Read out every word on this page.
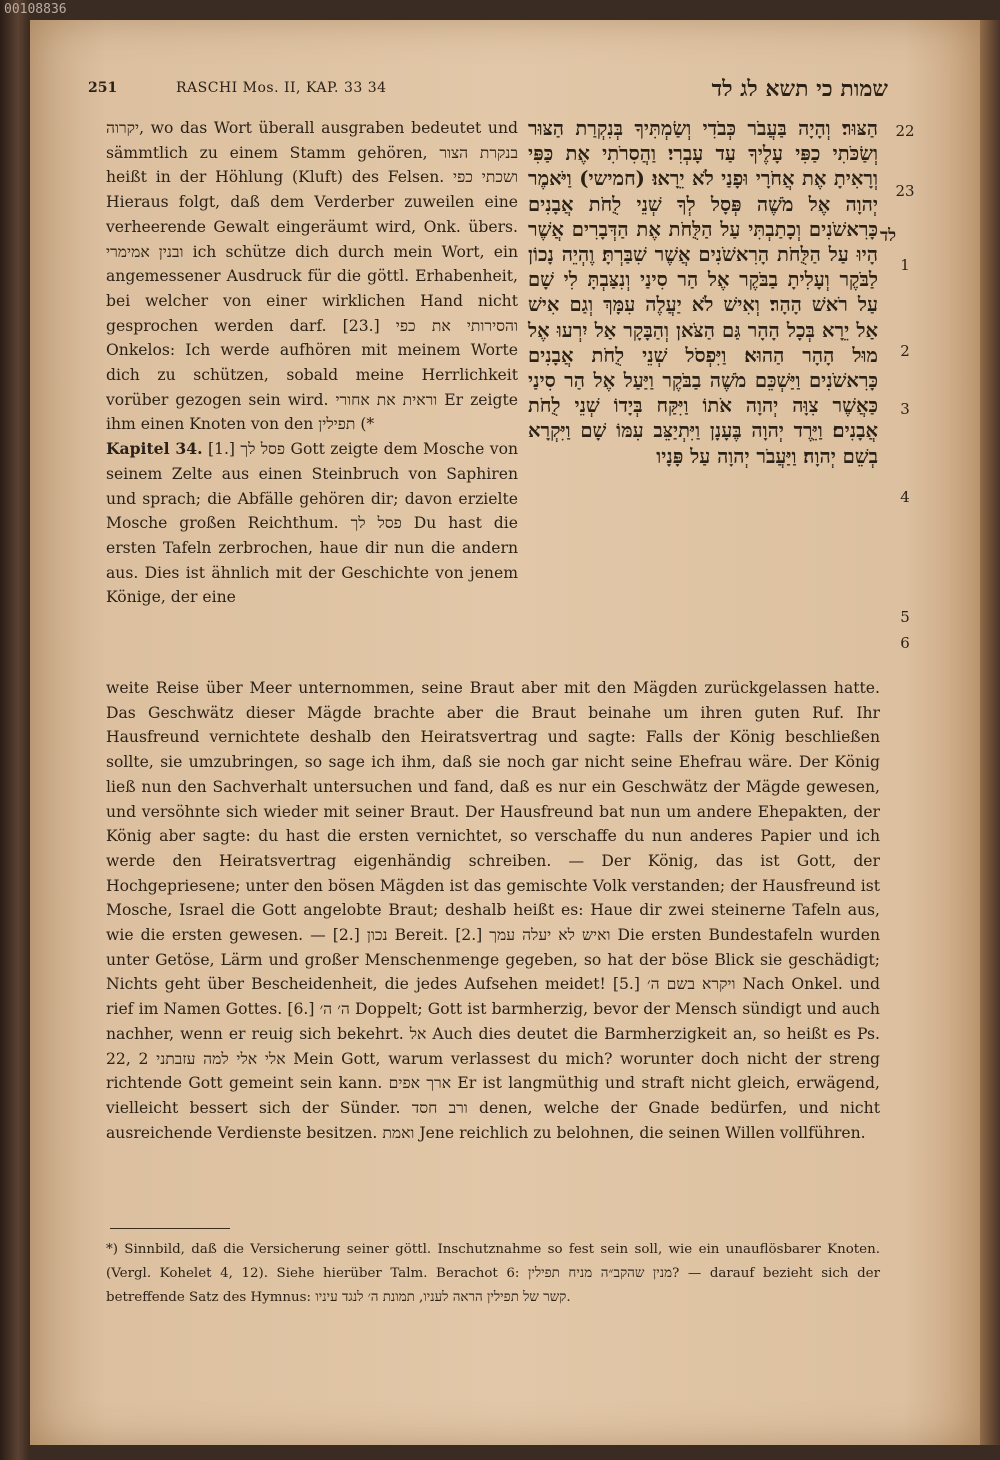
00108836
251	RASCHI Mos. II, KAP. 33 34	שמות כי תשא לג לד

יקרוה, wo das Wort überall ausgraben bedeutet und sämmtlich zu einem Stamm gehören, בנקרת הצור heißt in der Höhlung (Kluft) des Felsen. ושכתי כפי Hieraus folgt, daß dem Verderber zuweilen eine verheerende Gewalt eingeräumt wird, Onk. übers. ובנין אמימרי ich schütze dich durch mein Wort, ein angemessener Ausdruck für die göttl. Erhabenheit, bei welcher von einer wirklichen Hand nicht gesprochen werden darf. [23.] והסירותי את כפי Onkelos: Ich werde aufhören mit meinem Worte dich zu schützen, sobald meine Herrlichkeit vorüber gezogen sein wird. וראית את אחורי Er zeigte ihm einen Knoten von den תפילין (*

Kapitel 34. [1.] פסל לך Gott zeigte dem Mosche von seinem Zelte aus einen Steinbruch von Saphiren und sprach; die Abfälle gehören dir; davon erzielte Mosche großen Reichthum. פסל לך Du hast die ersten Tafeln zerbrochen, haue dir nun die andern aus. Dies ist ähnlich mit der Geschichte von jenem Könige, der eine

הַצּוּר׃ וְהָיָה בַּעֲבֹר כְּבֹדִי וְשַׂמְתִּיךָ בְּנִקְרַת הַצּוּר וְשַׂכֹּתִי כַפִּי עָלֶיךָ עַד עָבְרִי׃ וַהֲסִרֹתִי אֶת כַּפִּי וְרָאִיתָ אֶת אֲחֹרָי וּפָנַי לֹא יֵרָאוּ׃ (חמישי) וַיֹּאמֶר יְהוָה אֶל מֹשֶׁה פְּסָל לְךָ שְׁנֵי לֻחֹת אֲבָנִים כָּרִאשֹׁנִים וְכָתַבְתִּי עַל הַלֻּחֹת אֶת הַדְּבָרִים אֲשֶׁר הָיוּ עַל הַלֻּחֹת הָרִאשֹׁנִים אֲשֶׁר שִׁבַּרְתָּ׃ וֶהְיֵה נָכוֹן לַבֹּקֶר וְעָלִיתָ בַבֹּקֶר אֶל הַר סִינַי וְנִצַּבְתָּ לִי שָׁם עַל רֹאשׁ הָהָר׃ וְאִישׁ לֹא יַעֲלֶה עִמָּךְ וְגַם אִישׁ אַל יֵרָא בְּכָל הָהָר גַּם הַצֹּאן וְהַבָּקָר אַל יִרְעוּ אֶל מוּל הָהָר הַהוּא׃ וַיִּפְסֹל שְׁנֵי לֻחֹת אֲבָנִים כָּרִאשֹׁנִים וַיַּשְׁכֵּם מֹשֶׁה בַבֹּקֶר וַיַּעַל אֶל הַר סִינַי כַּאֲשֶׁר צִוָּה יְהוָה אֹתוֹ וַיִּקַּח בְּיָדוֹ שְׁנֵי לֻחֹת אֲבָנִים׃ וַיֵּרֶד יְהוָה בֶּעָנָן וַיִּתְיַצֵּב עִמּוֹ שָׁם וַיִּקְרָא בְשֵׁם יְהוָה׃ וַיַּעֲבֹר יְהוָה עַל פָּנָיו

22
23
לד
1
2
3
4
5
6

weite Reise über Meer unternommen, seine Braut aber mit den Mägden zurückgelassen hatte. Das Geschwätz dieser Mägde brachte aber die Braut beinahe um ihren guten Ruf. Ihr Hausfreund vernichtete deshalb den Heiratsvertrag und sagte: Falls der König beschließen sollte, sie umzubringen, so sage ich ihm, daß sie noch gar nicht seine Ehefrau wäre. Der König ließ nun den Sachverhalt untersuchen und fand, daß es nur ein Geschwätz der Mägde gewesen, und versöhnte sich wieder mit seiner Braut. Der Hausfreund bat nun um andere Ehepakten, der König aber sagte: du hast die ersten vernichtet, so verschaffe du nun anderes Papier und ich werde den Heiratsvertrag eigenhändig schreiben. — Der König, das ist Gott, der Hochgepriesene; unter den bösen Mägden ist das gemischte Volk verstanden; der Hausfreund ist Mosche, Israel die Gott angelobte Braut; deshalb heißt es: Haue dir zwei steinerne Tafeln aus, wie die ersten gewesen. — [2.] נכון Bereit. [2.] ואיש לא יעלה עמך Die ersten Bundestafeln wurden unter Getöse, Lärm und großer Menschenmenge gegeben, so hat der böse Blick sie geschädigt; Nichts geht über Bescheidenheit, die jedes Aufsehen meidet! [5.] ויקרא בשם ה׳ Nach Onkel. und rief im Namen Gottes. [6.] ה׳ ה׳ Doppelt; Gott ist barmherzig, bevor der Mensch sündigt und auch nachher, wenn er reuig sich bekehrt. אל Auch dies deutet die Barmherzigkeit an, so heißt es Ps. 22, 2 אלי אלי למה עזבתני Mein Gott, warum verlassest du mich? worunter doch nicht der streng richtende Gott gemeint sein kann. ארך אפים Er ist langmüthig und straft nicht gleich, erwägend, vielleicht bessert sich der Sünder. ורב חסד denen, welche der Gnade bedürfen, und nicht ausreichende Verdienste besitzen. ואמת Jene reichlich zu belohnen, die seinen Willen vollführen.

*) Sinnbild, daß die Versicherung seiner göttl. Inschutznahme so fest sein soll, wie ein unauflösbarer Knoten. (Vergl. Kohelet 4, 12). Siehe hierüber Talm. Berachot 6: מנין שהקב״ה מניח תפילין? — darauf bezieht sich der betreffende Satz des Hymnus: קשר של תפילין הראה לעניו, תמונת ה׳ לנגד עיניו.
